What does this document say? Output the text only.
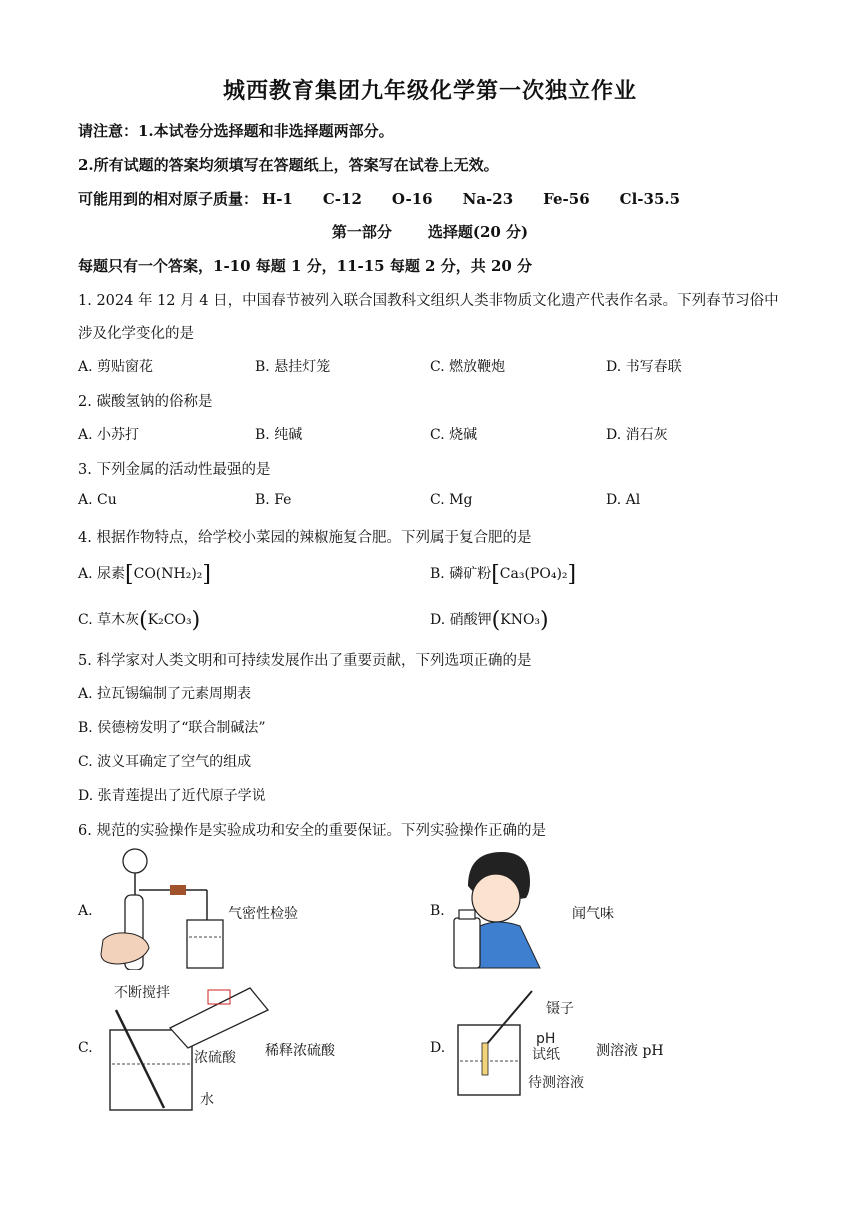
城西教育集团九年级化学第一次独立作业
请注意：1.本试卷分选择题和非选择题两部分。
2.所有试题的答案均须填写在答题纸上，答案写在试卷上无效。
可能用到的相对原子质量： H-1 C-12 O-16 Na-23 Fe-56 Cl-35.5
第一部分 选择题(20 分)
每题只有一个答案，1-10 每题 1 分，11-15 每题 2 分，共 20 分
1. 2024 年 12 月 4 日，中国春节被列入联合国教科文组织人类非物质文化遗产代表作名录。下列春节习俗中
涉及化学变化的是
A. 剪贴窗花	B. 悬挂灯笼	C. 燃放鞭炮	D. 书写春联
2. 碳酸氢钠的俗称是
A. 小苏打	B. 纯碱	C. 烧碱	D. 消石灰
3. 下列金属的活动性最强的是
A. Cu	B. Fe	C. Mg	D. Al
4. 根据作物特点，给学校小菜园的辣椒施复合肥。下列属于复合肥的是
A. 尿素[CO(NH₂)₂]	B. 磷矿粉[Ca₃(PO₄)₂]
C. 草木灰(K₂CO₃)	D. 硝酸钾(KNO₃)
5. 科学家对人类文明和可持续发展作出了重要贡献，下列选项正确的是
A. 拉瓦锡编制了元素周期表
B. 侯德榜发明了“联合制碱法”
C. 波义耳确定了空气的组成
D. 张青莲提出了近代原子学说
6. 规范的实验操作是实验成功和安全的重要保证。下列实验操作正确的是
A.	气密性检验	B.	闻气味
C.
不断搅拌
浓硫酸
水
稀释浓硫酸	D.
镊子
pH
试纸
待测溶液
测溶液 pH
